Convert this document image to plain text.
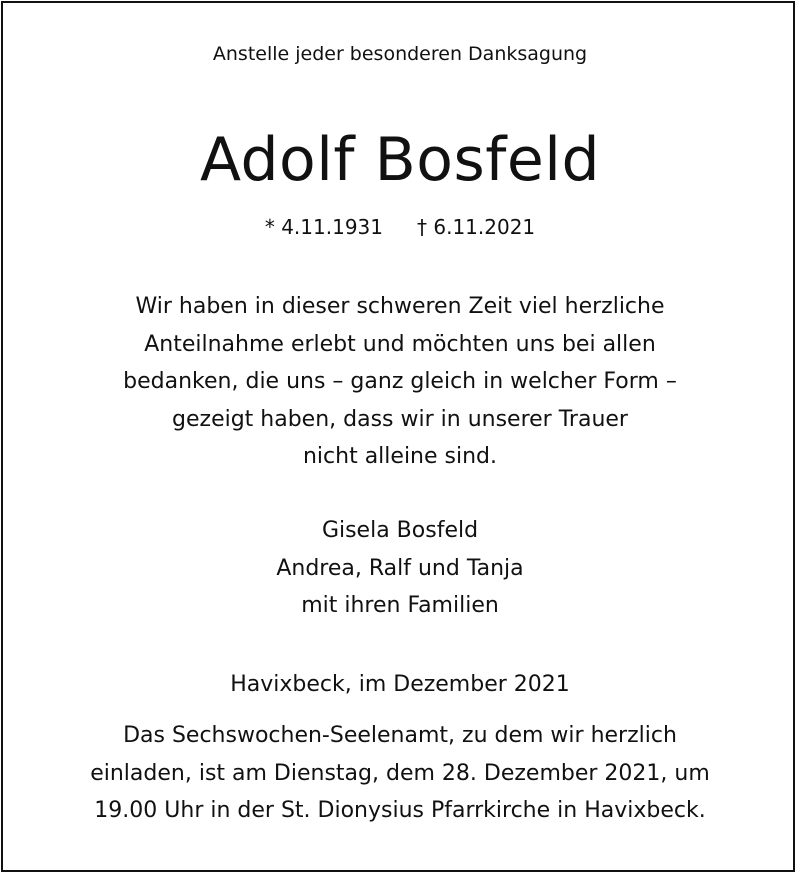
Anstelle jeder besonderen Danksagung
Adolf Bosfeld
* 4.11.1931 † 6.11.2021
Wir haben in dieser schweren Zeit viel herzliche
Anteilnahme erlebt und möchten uns bei allen
bedanken, die uns – ganz gleich in welcher Form –
gezeigt haben, dass wir in unserer Trauer
nicht alleine sind.
Gisela Bosfeld
Andrea, Ralf und Tanja
mit ihren Familien
Havixbeck, im Dezember 2021
Das Sechswochen-Seelenamt, zu dem wir herzlich
einladen, ist am Dienstag, dem 28. Dezember 2021, um
19.00 Uhr in der St. Dionysius Pfarrkirche in Havixbeck.
